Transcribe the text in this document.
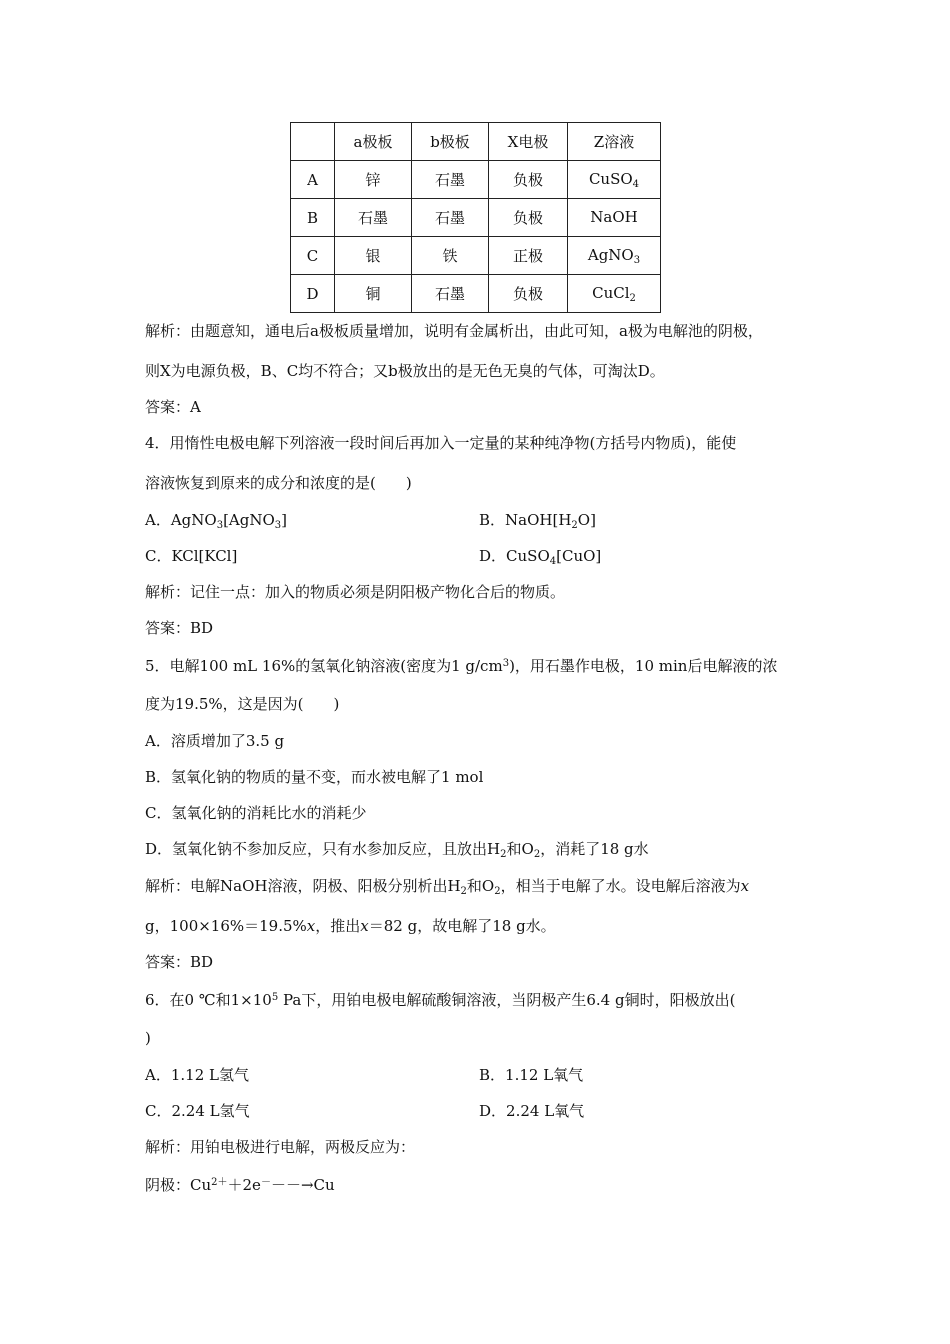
	a极板	b极板	X电极	Z溶液
A	锌	石墨	负极	CuSO$_4$
B	石墨	石墨	负极	NaOH
C	银	铁	正极	AgNO$_3$
D	铜	石墨	负极	CuCl$_2$
解析：由题意知，通电后a极板质量增加，说明有金属析出，由此可知，a极为电解池的阴极，
则X为电源负极，B、C均不符合；又b极放出的是无色无臭的气体，可淘汰D。
答案：A
4．用惰性电极电解下列溶液一段时间后再加入一定量的某种纯净物(方括号内物质)，能使
溶液恢复到原来的成分和浓度的是(　　)
A．AgNO$_3$[AgNO$_3$]	B．$NaOH[H_2O]$
C．KCl[KCl]	D．CuSO$_4$[CuO]
解析：记住一点：加入的物质必须是阴阳极产物化合后的物质。
答案：BD
5．电解100 mL 16%的氢氧化钠溶液(密度为1 $g/cm^3$)，用石墨作电极，10 min后电解液的浓
度为19.5%，这是因为(　　)
A．溶质增加了3.5 g
B．氢氧化钠的物质的量不变，而水被电解了1 mol
C．氢氧化钠的消耗比水的消耗少
D．氢氧化钠不参加反应，只有水参加反应，且放出$H_2$和$O_2$，消耗了18 g水
解析：电解NaOH溶液，阴极、阳极分别析出$H_2$和$O_2$，相当于电解了水。设电解后溶液为x
g，100×16%＝19.5%x，推出x＝82 g，故电解了18 g水。
答案：BD
6．在0 ℃和$1\times 10^5$ Pa下，用铂电极电解硫酸铜溶液，当阴极产生6.4 g铜时，阳极放出(
)
A．1.12 L氢气	B．1.12 L氧气
C．2.24 L氢气	D．2.24 L氧气
解析：用铂电极进行电解，两极反应为：
阴极：$Cu^{2+}+2e^---\to Cu$
